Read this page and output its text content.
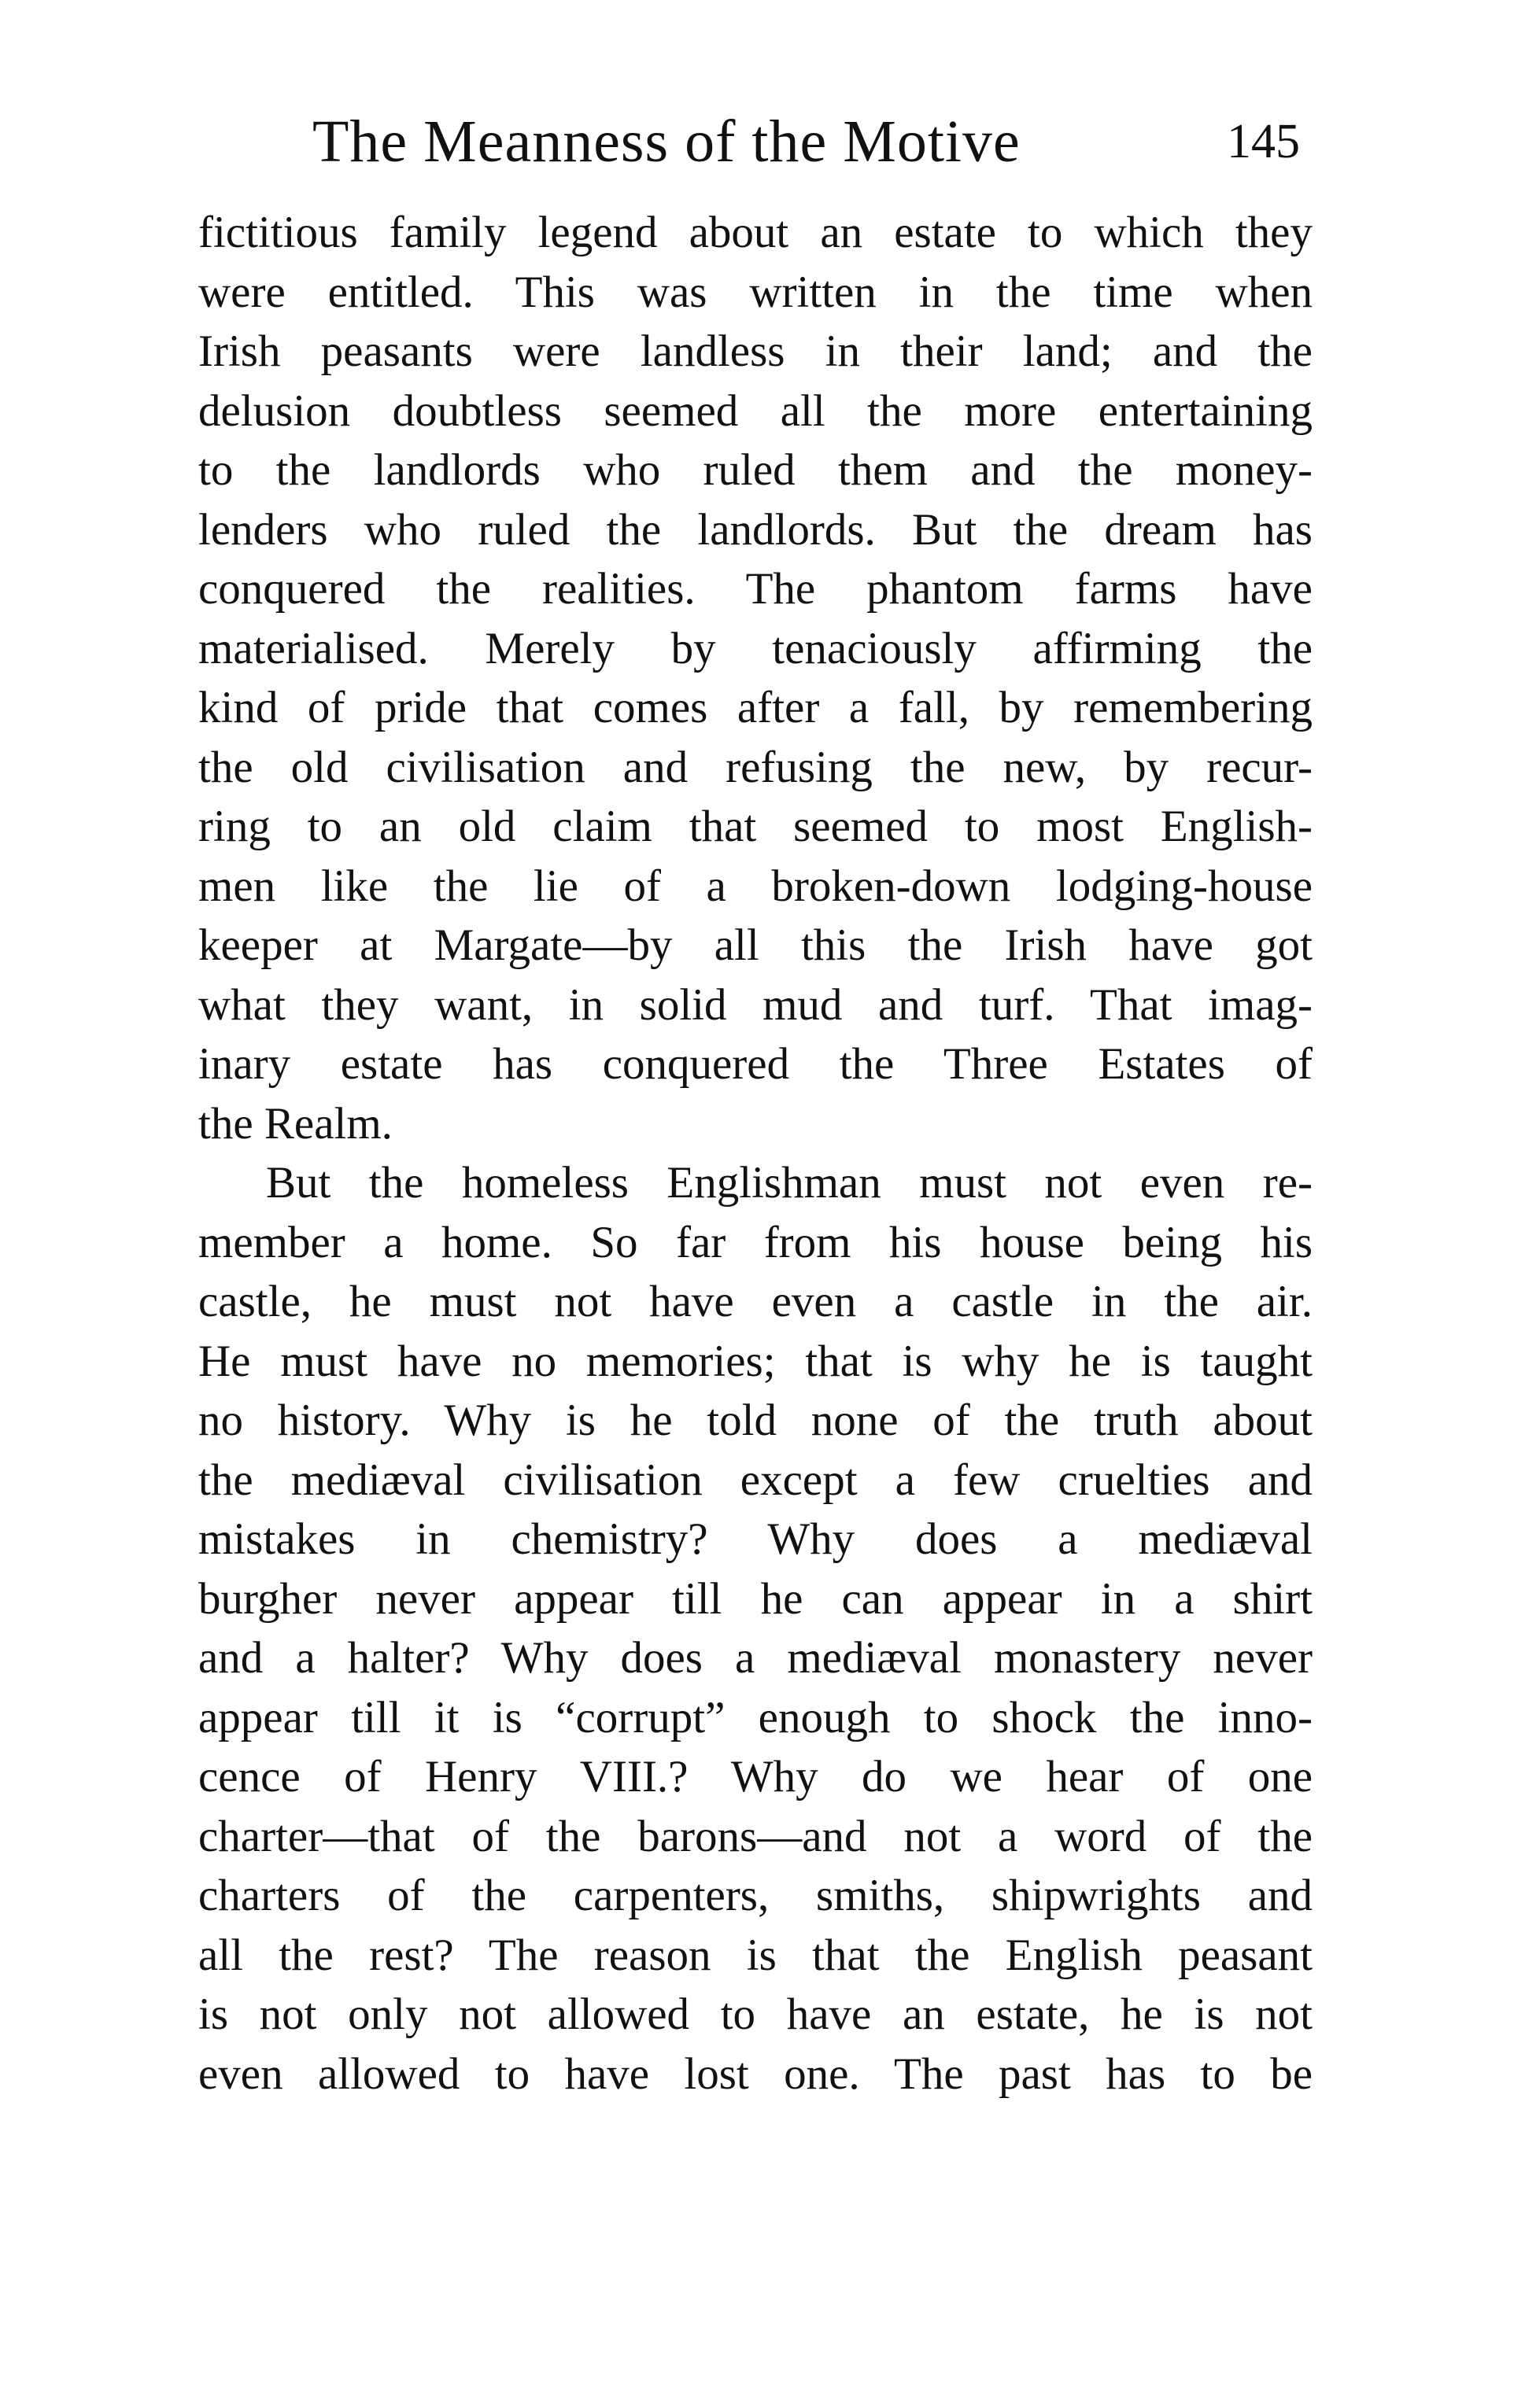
The Meanness of the Motive	145
fictitious family legend about an estate to which they
were entitled. This was written in the time when
Irish peasants were landless in their land; and the
delusion doubtless seemed all the more entertaining
to the landlords who ruled them and the money-
lenders who ruled the landlords. But the dream has
conquered the realities. The phantom farms have
materialised. Merely by tenaciously affirming the
kind of pride that comes after a fall, by remembering
the old civilisation and refusing the new, by recur-
ring to an old claim that seemed to most English-
men like the lie of a broken-down lodging-house
keeper at Margate—by all this the Irish have got
what they want, in solid mud and turf. That imag-
inary estate has conquered the Three Estates of
the Realm.
But the homeless Englishman must not even re-
member a home. So far from his house being his
castle, he must not have even a castle in the air.
He must have no memories; that is why he is taught
no history. Why is he told none of the truth about
the mediæval civilisation except a few cruelties and
mistakes in chemistry? Why does a mediæval
burgher never appear till he can appear in a shirt
and a halter? Why does a mediæval monastery never
appear till it is “corrupt” enough to shock the inno-
cence of Henry VIII.? Why do we hear of one
charter—that of the barons—and not a word of the
charters of the carpenters, smiths, shipwrights and
all the rest? The reason is that the English peasant
is not only not allowed to have an estate, he is not
even allowed to have lost one. The past has to be
